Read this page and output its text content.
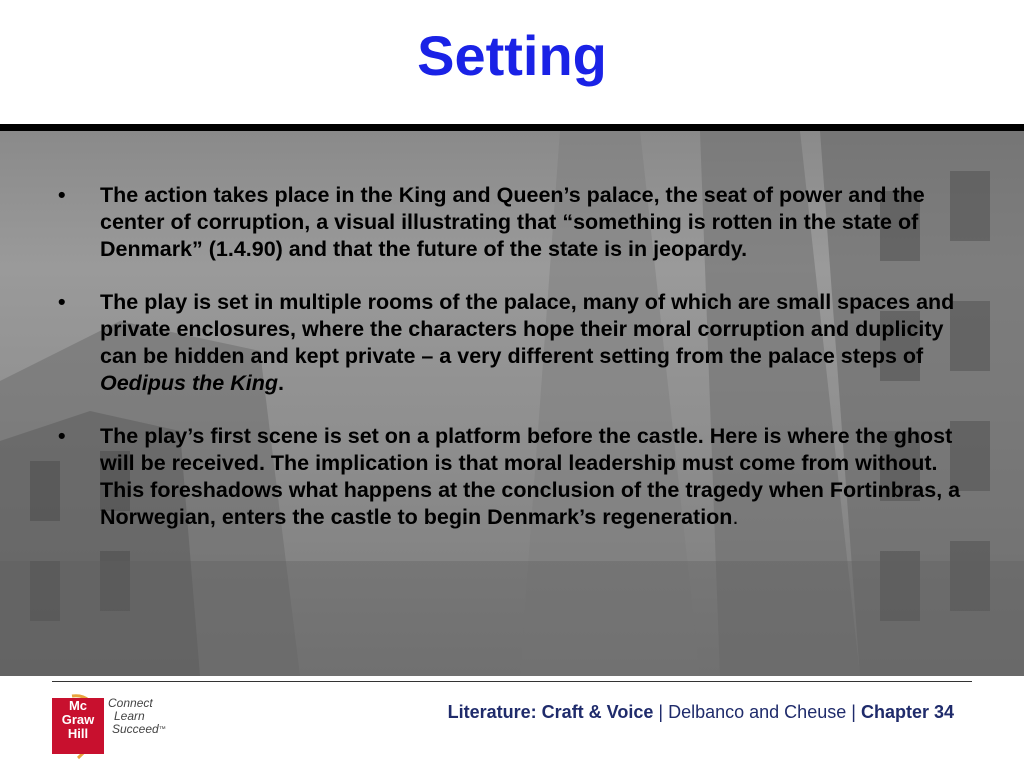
Setting
• The action takes place in the King and Queen’s palace, the seat of power and the center of corruption, a visual illustrating that “something is rotten in the state of Denmark” (1.4.90) and that the future of the state is in jeopardy.
• The play is set in multiple rooms of the palace, many of which are small spaces and private enclosures, where the characters hope their moral corruption and duplicity can be hidden and kept private – a very different setting from the palace steps of Oedipus the King.
• The play’s first scene is set on a platform before the castle. Here is where the ghost will be received. The implication is that moral leadership must come from without. This foreshadows what happens at the conclusion of the tragedy when Fortinbras, a Norwegian, enters the castle to begin Denmark’s regeneration.
Mc
Graw
Hill
Connect
Learn
Succeed™
Literature: Craft & Voice | Delbanco and Cheuse | Chapter 34
